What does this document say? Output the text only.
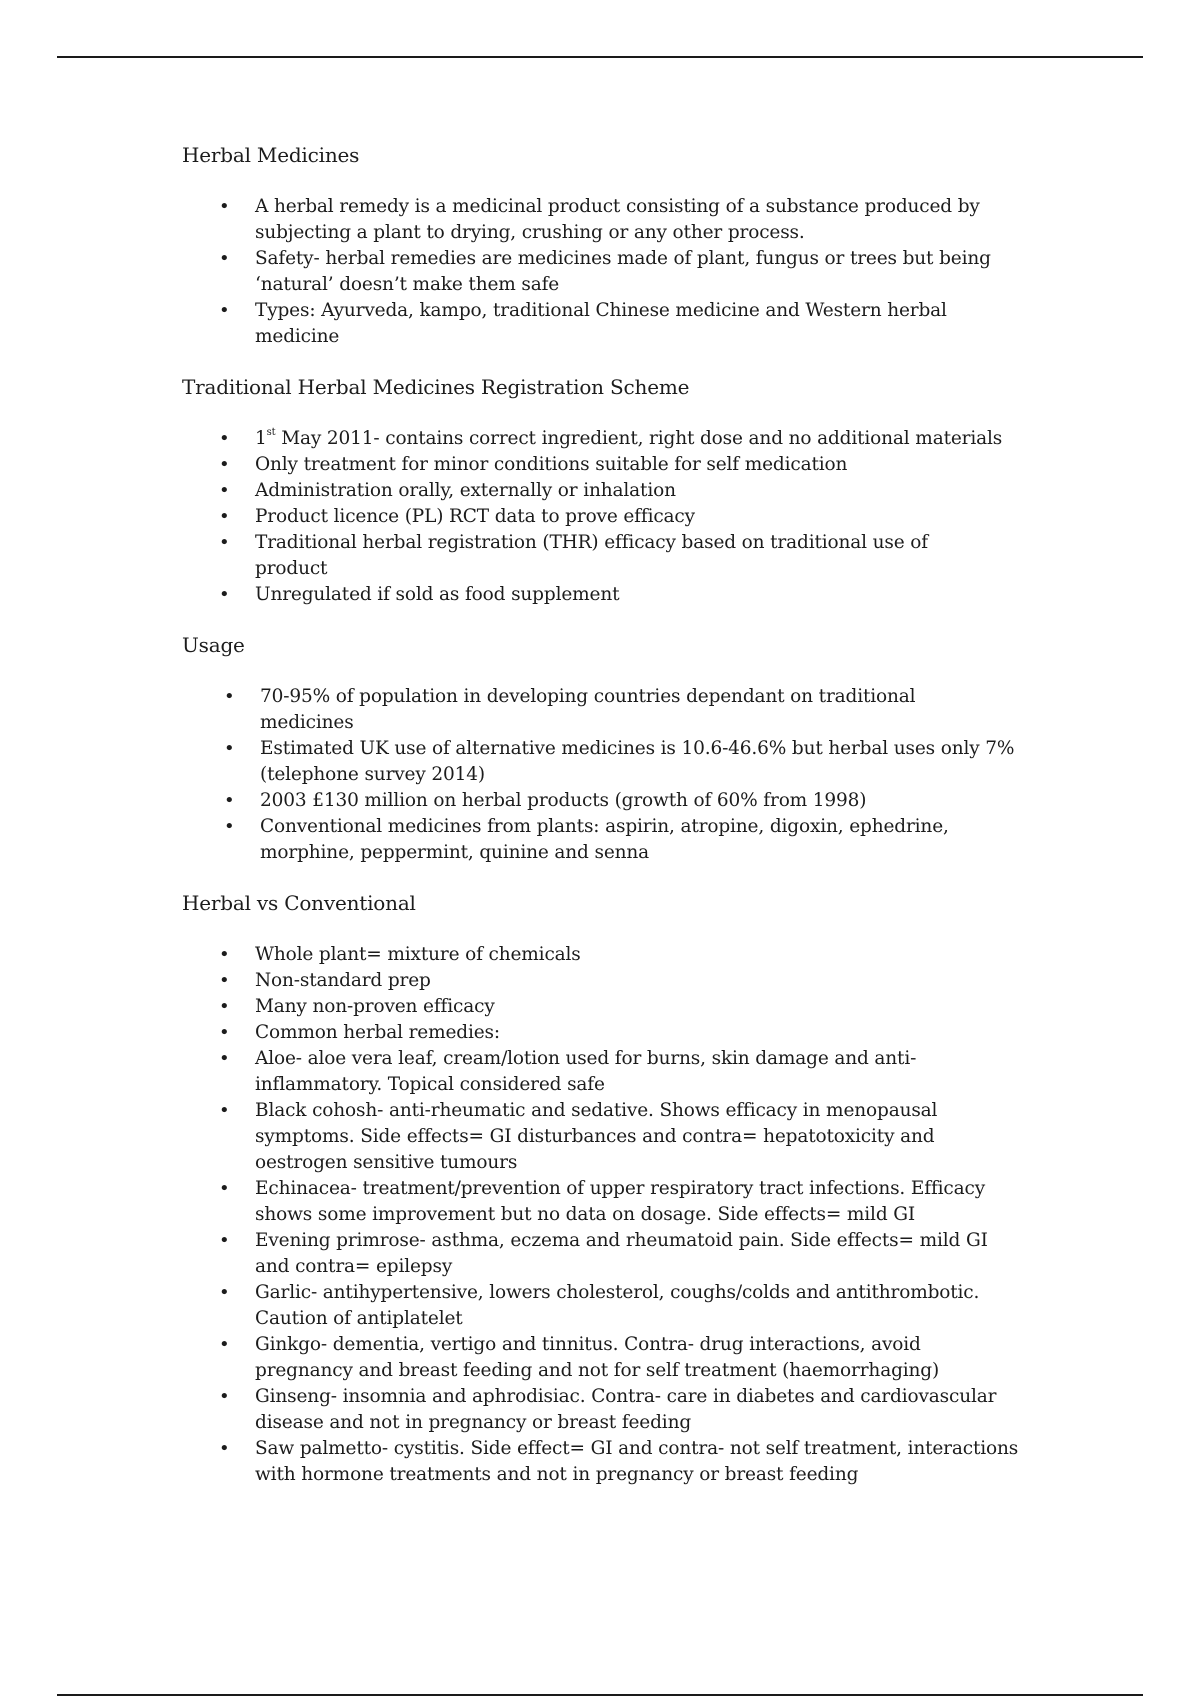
Herbal Medicines
• A herbal remedy is a medicinal product consisting of a substance produced by subjecting a plant to drying, crushing or any other process.
• Safety- herbal remedies are medicines made of plant, fungus or trees but being ‘natural’ doesn’t make them safe
• Types: Ayurveda, kampo, traditional Chinese medicine and Western herbal medicine
Traditional Herbal Medicines Registration Scheme
• 1st May 2011- contains correct ingredient, right dose and no additional materials
• Only treatment for minor conditions suitable for self medication
• Administration orally, externally or inhalation
• Product licence (PL) RCT data to prove efficacy
• Traditional herbal registration (THR) efficacy based on traditional use of product
• Unregulated if sold as food supplement
Usage
• 70-95% of population in developing countries dependant on traditional medicines
• Estimated UK use of alternative medicines is 10.6-46.6% but herbal uses only 7% (telephone survey 2014)
• 2003 £130 million on herbal products (growth of 60% from 1998)
• Conventional medicines from plants: aspirin, atropine, digoxin, ephedrine, morphine, peppermint, quinine and senna
Herbal vs Conventional
• Whole plant= mixture of chemicals
• Non-standard prep
• Many non-proven efficacy
• Common herbal remedies:
• Aloe- aloe vera leaf, cream/lotion used for burns, skin damage and anti-inflammatory. Topical considered safe
• Black cohosh- anti-rheumatic and sedative. Shows efficacy in menopausal symptoms. Side effects= GI disturbances and contra= hepatotoxicity and oestrogen sensitive tumours
• Echinacea- treatment/prevention of upper respiratory tract infections. Efficacy shows some improvement but no data on dosage. Side effects= mild GI
• Evening primrose- asthma, eczema and rheumatoid pain. Side effects= mild GI and contra= epilepsy
• Garlic- antihypertensive, lowers cholesterol, coughs/colds and antithrombotic. Caution of antiplatelet
• Ginkgo- dementia, vertigo and tinnitus. Contra- drug interactions, avoid pregnancy and breast feeding and not for self treatment (haemorrhaging)
• Ginseng- insomnia and aphrodisiac. Contra- care in diabetes and cardiovascular disease and not in pregnancy or breast feeding
• Saw palmetto- cystitis. Side effect= GI and contra- not self treatment, interactions with hormone treatments and not in pregnancy or breast feeding
